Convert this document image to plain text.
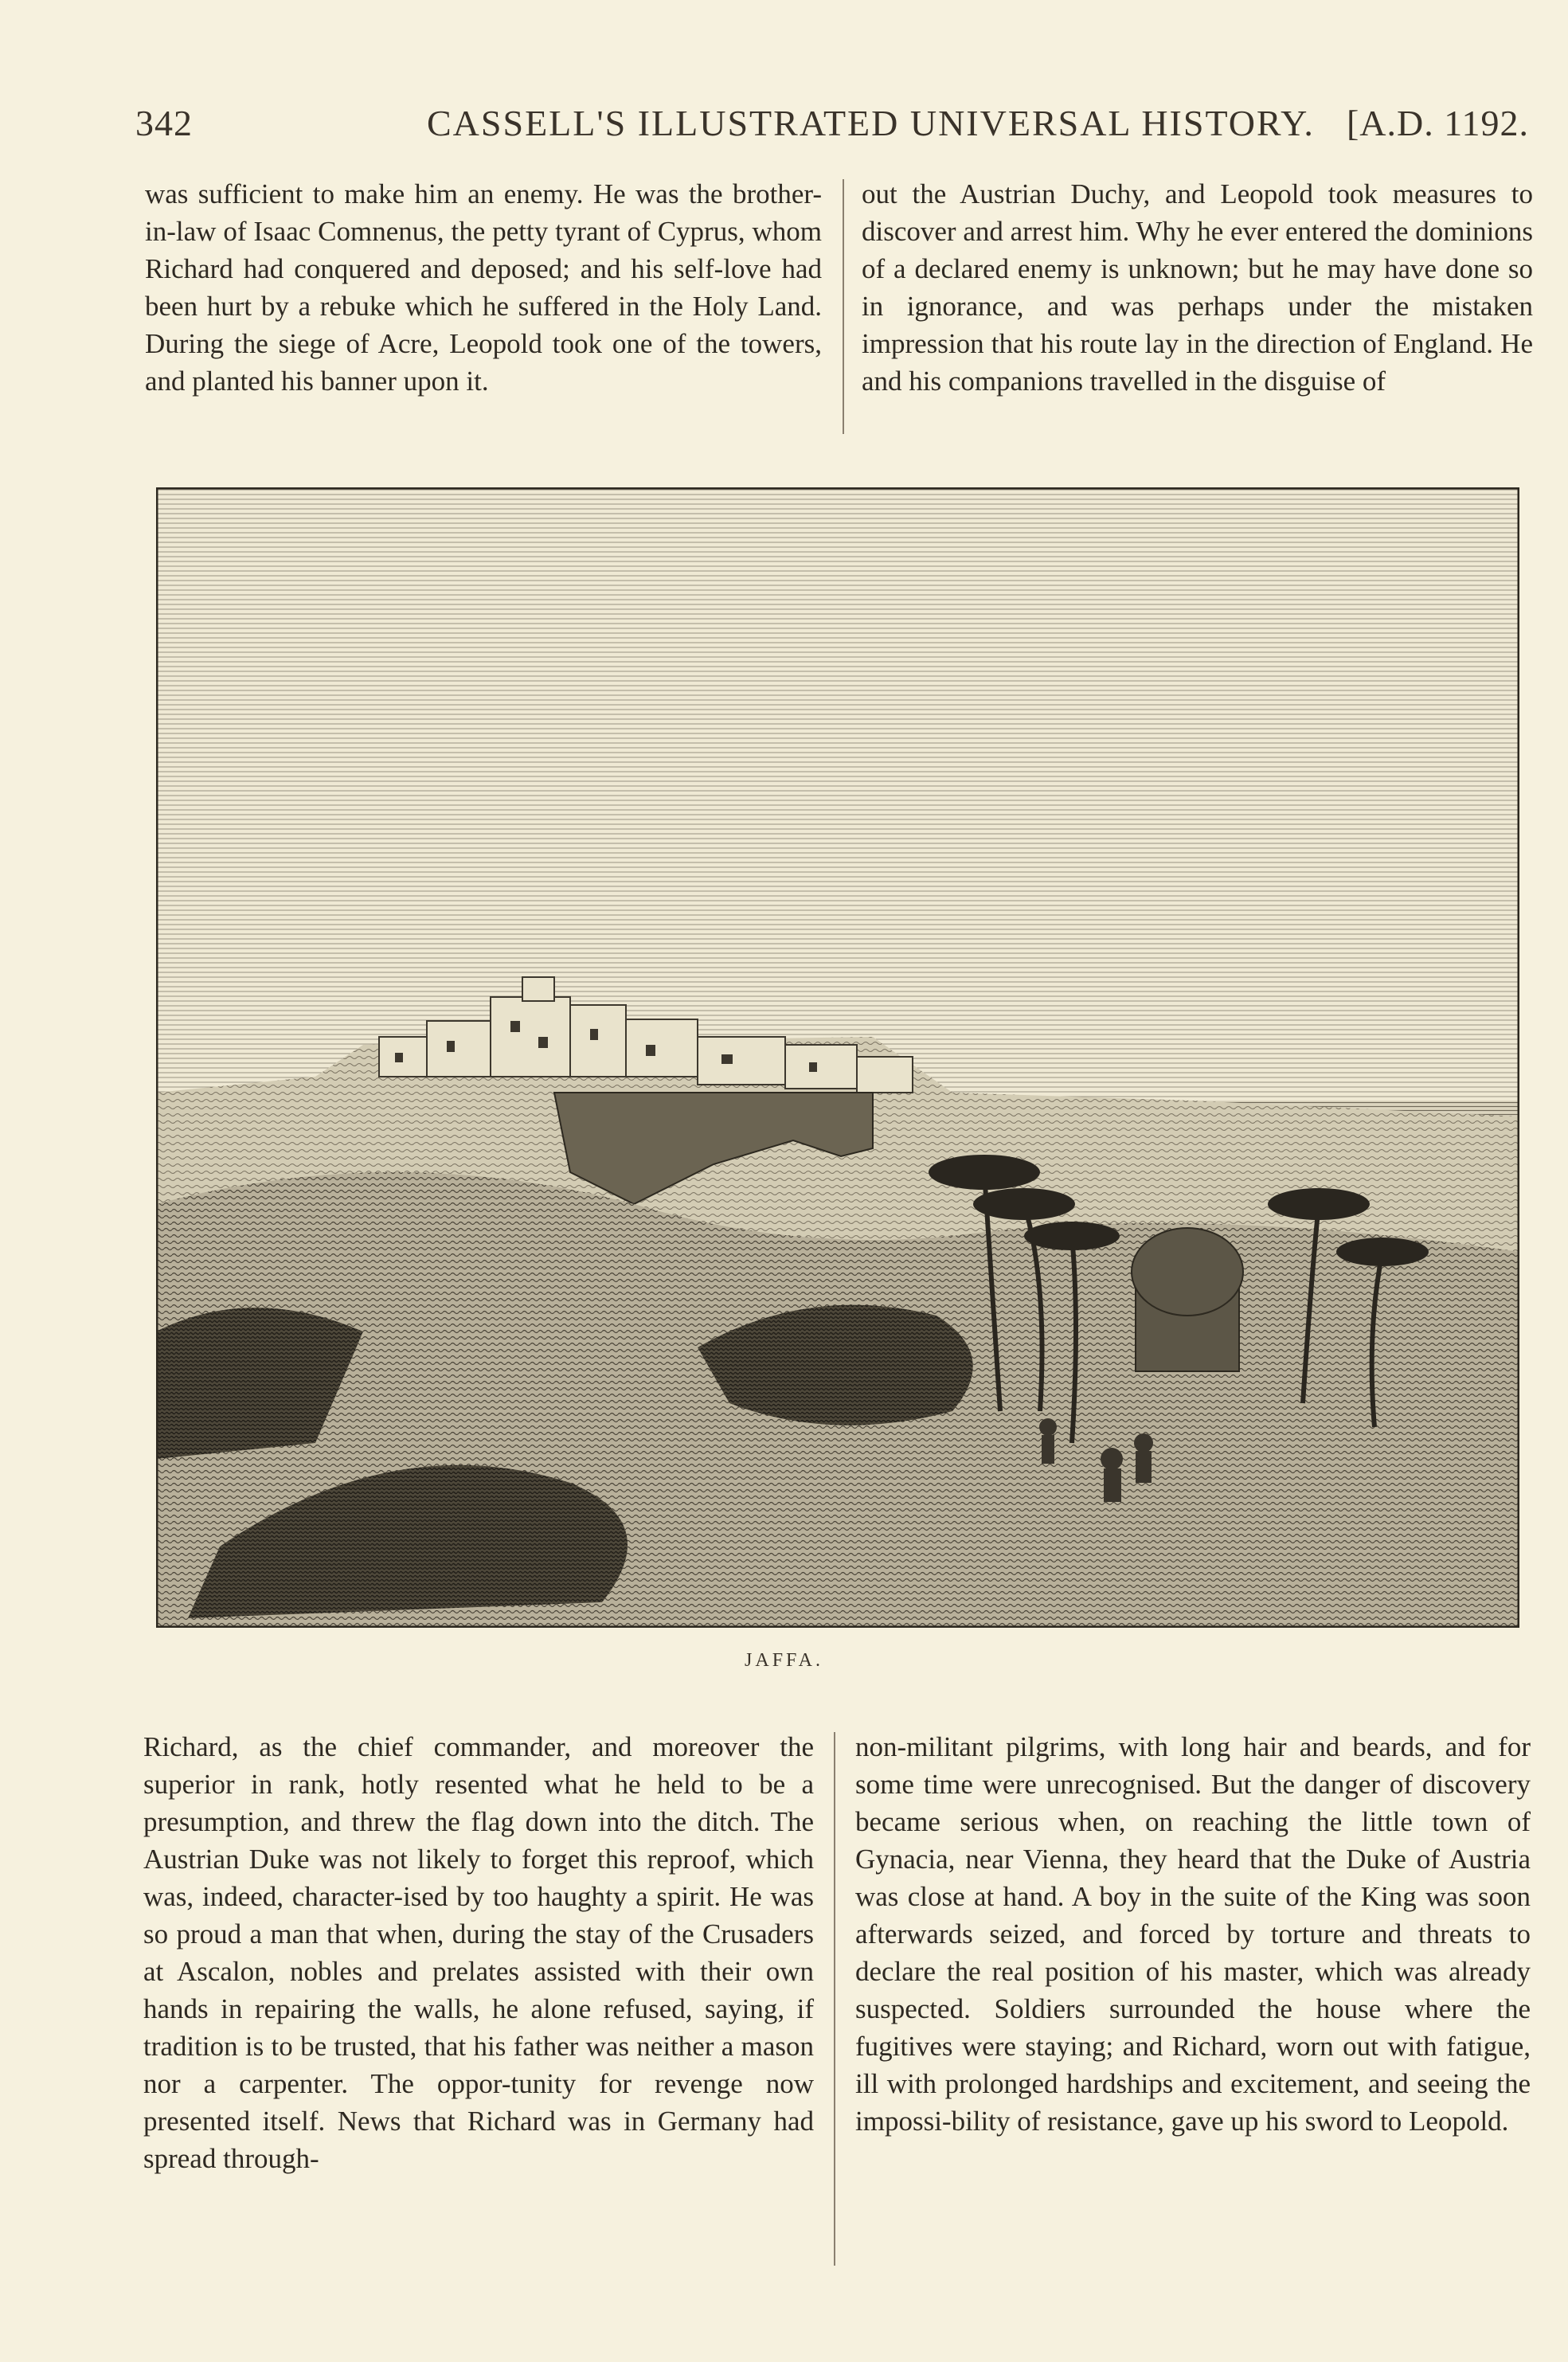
342	CASSELL'S ILLUSTRATED UNIVERSAL HISTORY. [A.D. 1192.

was sufficient to make him an enemy. He was the brother-in-law of Isaac Comnenus, the petty tyrant of Cyprus, whom Richard had conquered and deposed; and his self-love had been hurt by a rebuke which he suffered in the Holy Land. During the siege of Acre, Leopold took one of the towers, and planted his banner upon it.

out the Austrian Duchy, and Leopold took measures to discover and arrest him. Why he ever entered the dominions of a declared enemy is unknown; but he may have done so in ignorance, and was perhaps under the mistaken impression that his route lay in the direction of England. He and his companions travelled in the disguise of

JAFFA.

Richard, as the chief commander, and moreover the superior in rank, hotly resented what he held to be a presumption, and threw the flag down into the ditch. The Austrian Duke was not likely to forget this reproof, which was, indeed, character-ised by too haughty a spirit. He was so proud a man that when, during the stay of the Crusaders at Ascalon, nobles and prelates assisted with their own hands in repairing the walls, he alone refused, saying, if tradition is to be trusted, that his father was neither a mason nor a carpenter. The oppor-tunity for revenge now presented itself. News that Richard was in Germany had spread through-

non-militant pilgrims, with long hair and beards, and for some time were unrecognised. But the danger of discovery became serious when, on reaching the little town of Gynacia, near Vienna, they heard that the Duke of Austria was close at hand. A boy in the suite of the King was soon afterwards seized, and forced by torture and threats to declare the real position of his master, which was already suspected. Soldiers surrounded the house where the fugitives were staying; and Richard, worn out with fatigue, ill with prolonged hardships and excitement, and seeing the impossi-bility of resistance, gave up his sword to Leopold.
